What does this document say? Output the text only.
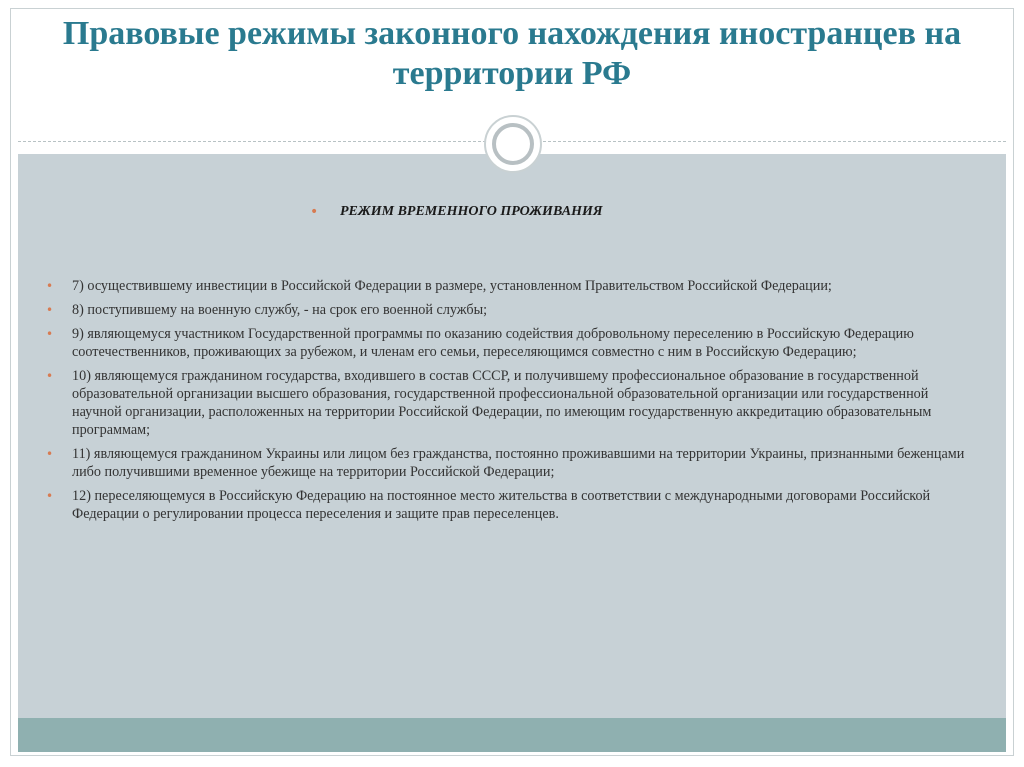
Правовые режимы законного нахождения иностранцев на территории РФ
•	РЕЖИМ ВРЕМЕННОГО ПРОЖИВАНИЯ
•	7) осуществившему инвестиции в Российской Федерации в размере, установленном Правительством Российской Федерации;
•	8) поступившему на военную службу, - на срок его военной службы;
•	9) являющемуся участником Государственной программы по оказанию содействия добровольному переселению в Российскую Федерацию соотечественников, проживающих за рубежом, и членам его семьи, переселяющимся совместно с ним в Российскую Федерацию;
•	10) являющемуся гражданином государства, входившего в состав СССР, и получившему профессиональное образование в государственной образовательной организации высшего образования, государственной профессиональной образовательной организации или государственной научной организации, расположенных на территории Российской Федерации, по имеющим государственную аккредитацию образовательным программам;
•	11) являющемуся гражданином Украины или лицом без гражданства, постоянно проживавшими на территории Украины, признанными беженцами либо получившими временное убежище на территории Российской Федерации;
•	12) переселяющемуся в Российскую Федерацию на постоянное место жительства в соответствии с международными договорами Российской Федерации о регулировании процесса переселения и защите прав переселенцев.
